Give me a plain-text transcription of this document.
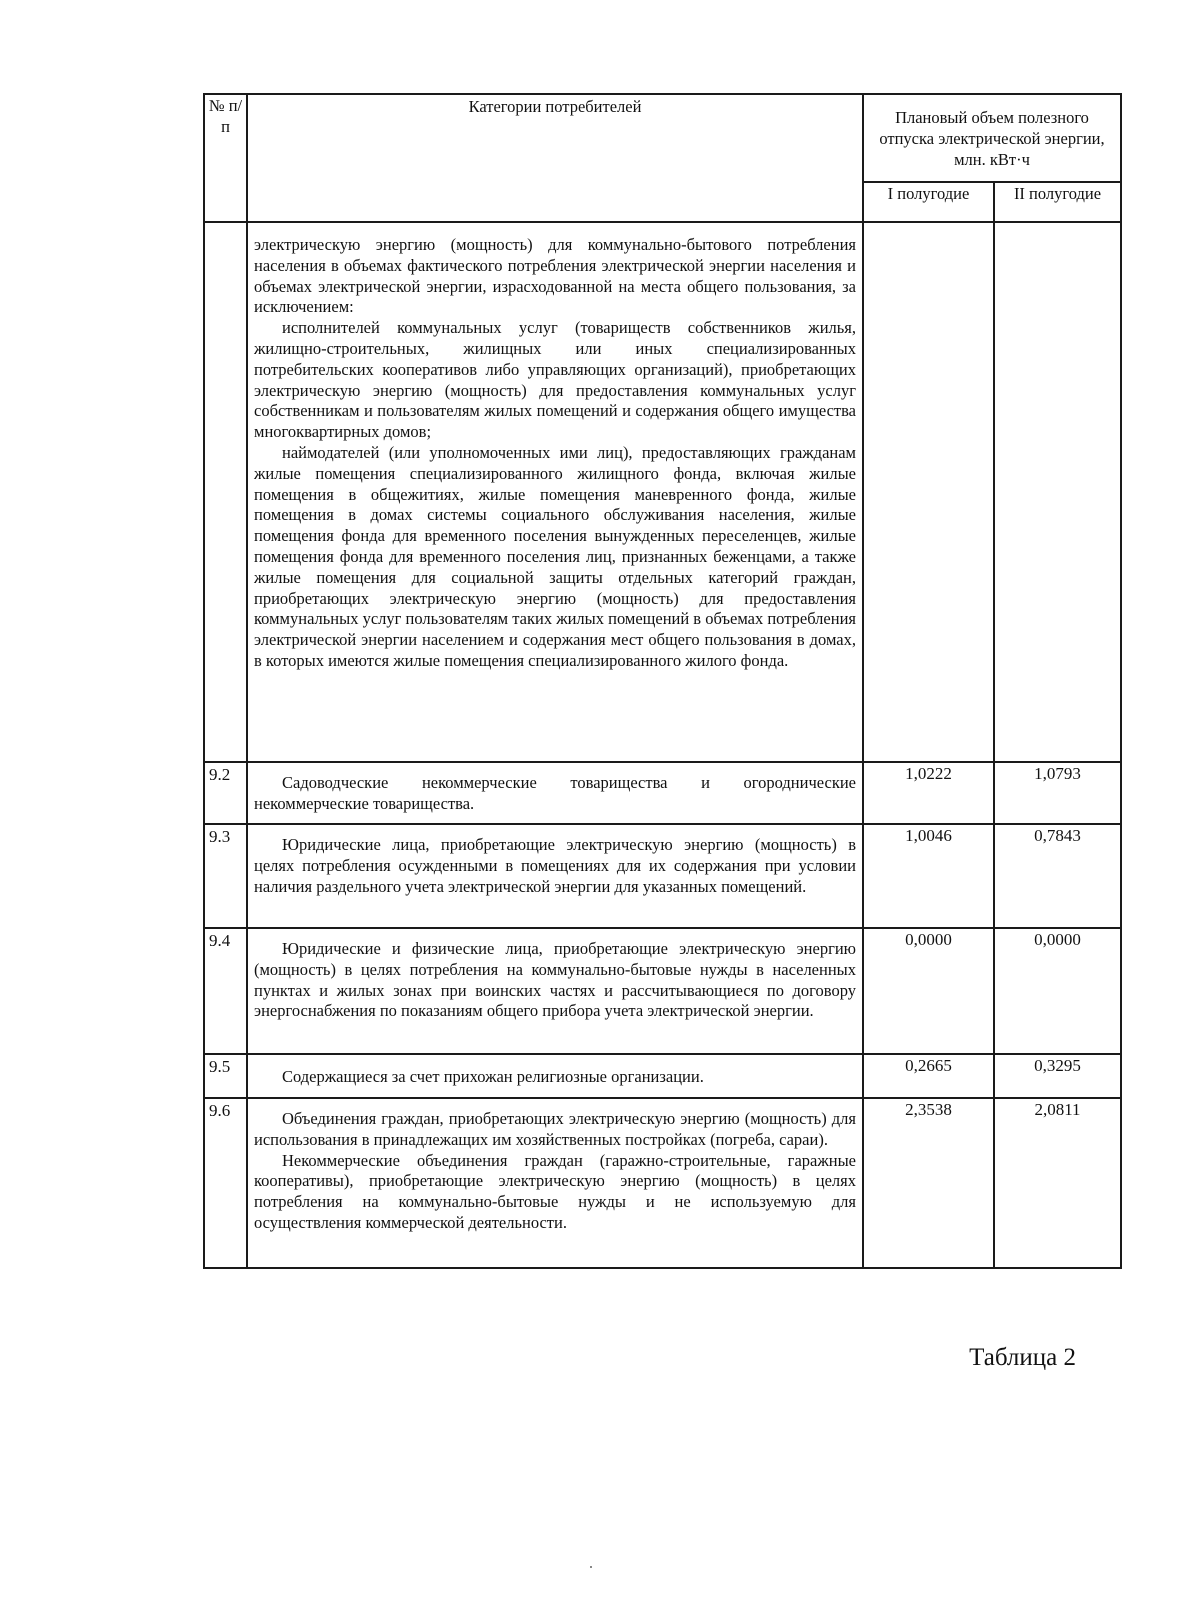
№ п/п	Категории потребителей	Плановый объем полезного отпуска электрической энергии, млн. кВт·ч	
		I полугодие	II полугодие

	электрическую энергию (мощность) для коммунально-бытового потребления населения в объемах фактического потребления электрической энергии населения и объемах электрической энергии, израсходованной на места общего пользования, за исключением:

исполнителей коммунальных услуг (товариществ собственников жилья, жилищно-строительных, жилищных или иных специализированных потребительских кооперативов либо управляющих организаций), приобретающих электрическую энергию (мощность) для предоставления коммунальных услуг собственникам и пользователям жилых помещений и содержания общего имущества многоквартирных домов;

наймодателей (или уполномоченных ими лиц), предоставляющих гражданам жилые помещения специализированного жилищного фонда, включая жилые помещения в общежитиях, жилые помещения маневренного фонда, жилые помещения в домах системы социального обслуживания населения, жилые помещения фонда для временного поселения вынужденных переселенцев, жилые помещения фонда для временного поселения лиц, признанных беженцами, а также жилые помещения для социальной защиты отдельных категорий граждан, приобретающих электрическую энергию (мощность) для предоставления коммунальных услуг пользователям таких жилых помещений в объемах потребления электрической энергии населением и содержания мест общего пользования в домах, в которых имеются жилые помещения специализированного жилого фонда.		

9.2	Садоводческие некоммерческие товарищества и огороднические некоммерческие товарищества.	1,0222	1,0793
9.3	Юридические лица, приобретающие электрическую энергию (мощность) в целях потребления осужденными в помещениях для их содержания при условии наличия раздельного учета электрической энергии для указанных помещений.	1,0046	0,7843
9.4	Юридические и физические лица, приобретающие электрическую энергию (мощность) в целях потребления на коммунально-бытовые нужды в населенных пунктах и жилых зонах при воинских частях и рассчитывающиеся по договору энергоснабжения по показаниям общего прибора учета электрической энергии.	0,0000	0,0000
9.5	Содержащиеся за счет прихожан религиозные организации.	0,2665	0,3295
9.6	Объединения граждан, приобретающих электрическую энергию (мощность) для использования в принадлежащих им хозяйственных постройках (погреба, сараи).

Некоммерческие объединения граждан (гаражно-строительные, гаражные кооперативы), приобретающие электрическую энергию (мощность) в целях потребления на коммунально-бытовые нужды и не используемую для осуществления коммерческой деятельности.	2,3538	2,0811
Таблица 2
